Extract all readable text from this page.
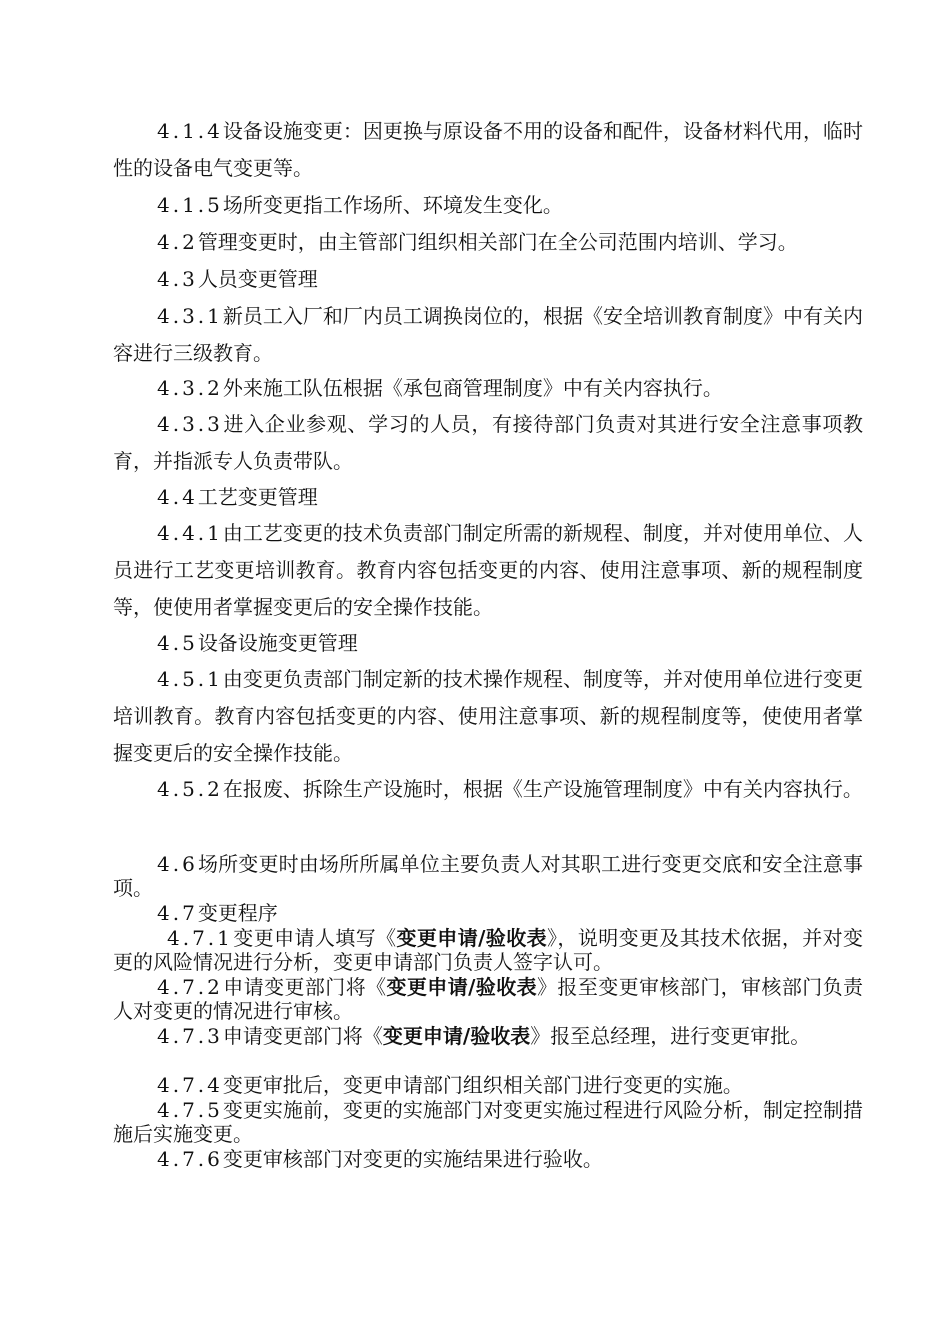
4.1.4设备设施变更：因更换与原设备不用的设备和配件，设备材料代用，临时性的设备电气变更等。

4.1.5场所变更指工作场所、环境发生变化。

4.2管理变更时，由主管部门组织相关部门在全公司范围内培训、学习。

4.3人员变更管理

4.3.1新员工入厂和厂内员工调换岗位的，根据《安全培训教育制度》中有关内容进行三级教育。

4.3.2外来施工队伍根据《承包商管理制度》中有关内容执行。

4.3.3进入企业参观、学习的人员，有接待部门负责对其进行安全注意事项教育，并指派专人负责带队。

4.4工艺变更管理

4.4.1由工艺变更的技术负责部门制定所需的新规程、制度，并对使用单位、人员进行工艺变更培训教育。教育内容包括变更的内容、使用注意事项、新的规程制度等，使使用者掌握变更后的安全操作技能。

4.5设备设施变更管理

4.5.1由变更负责部门制定新的技术操作规程、制度等，并对使用单位进行变更培训教育。教育内容包括变更的内容、使用注意事项、新的规程制度等，使使用者掌握变更后的安全操作技能。

4.5.2在报废、拆除生产设施时，根据《生产设施管理制度》中有关内容执行。

4.6场所变更时由场所所属单位主要负责人对其职工进行变更交底和安全注意事项。

4.7变更程序

4.7.1变更申请人填写《变更申请/验收表》，说明变更及其技术依据，并对变更的风险情况进行分析，变更申请部门负责人签字认可。

4.7.2申请变更部门将《变更申请/验收表》报至变更审核部门，审核部门负责人对变更的情况进行审核。

4.7.3申请变更部门将《变更申请/验收表》报至总经理，进行变更审批。

4.7.4变更审批后，变更申请部门组织相关部门进行变更的实施。

4.7.5变更实施前，变更的实施部门对变更实施过程进行风险分析，制定控制措施后实施变更。

4.7.6变更审核部门对变更的实施结果进行验收。
